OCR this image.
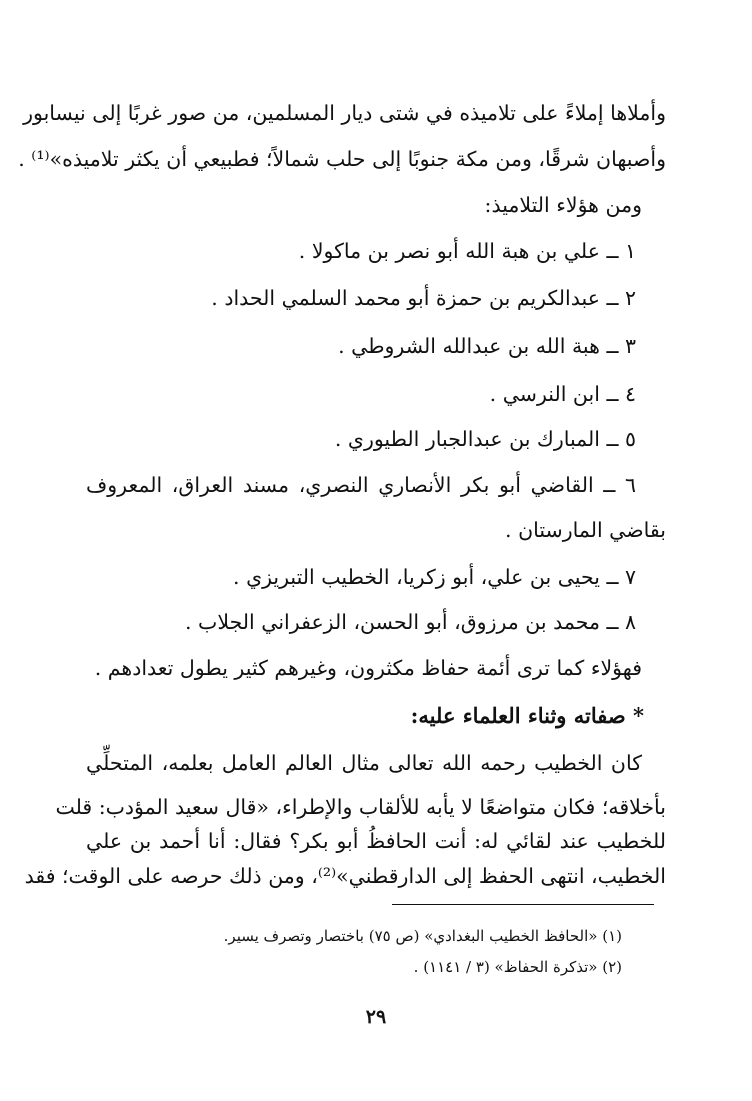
وأملاها إملاءً على تلاميذه في شتى ديار المسلمين، من صور غربًا إلى نيسابور
وأصبهان شرقًا، ومن مكة جنوبًا إلى حلب شمالاً؛ فطبيعي أن يكثر تلاميذه»⁽¹⁾ .
ومن هؤلاء التلاميذ:
١ ــ علي بن هبة الله أبو نصر بن ماكولا .
٢ ــ عبدالكريم بن حمزة أبو محمد السلمي الحداد .
٣ ــ هبة الله بن عبدالله الشروطي .
٤ ــ ابن النرسي .
٥ ــ المبارك بن عبدالجبار الطيوري .
٦ ــ القاضي أبو بكر الأنصاري النصري، مسند العراق، المعروف
بقاضي المارستان .
٧ ــ يحيى بن علي، أبو زكريا، الخطيب التبريزي .
٨ ــ محمد بن مرزوق، أبو الحسن، الزعفراني الجلاب .
فهؤلاء كما ترى أئمة حفاظ مكثرون، وغيرهم كثير يطول تعدادهم .
* صفاته وثناء العلماء عليه:
كان الخطيب رحمه الله تعالى مثال العالم العامل بعلمه، المتحلِّي
بأخلاقه؛ فكان متواضعًا لا يأبه للألقاب والإطراء، «قال سعيد المؤدب: قلت
للخطيب عند لقائي له: أنت الحافظُ أبو بكر؟ فقال: أنا أحمد بن علي
الخطيب، انتهى الحفظ إلى الدارقطني»⁽²⁾، ومن ذلك حرصه على الوقت؛ فقد
(١) «الحافظ الخطيب البغدادي» (ص ٧٥) باختصار وتصرف يسير.
(٢) «تذكرة الحفاظ» (٣ / ١١٤١) .
٢٩
